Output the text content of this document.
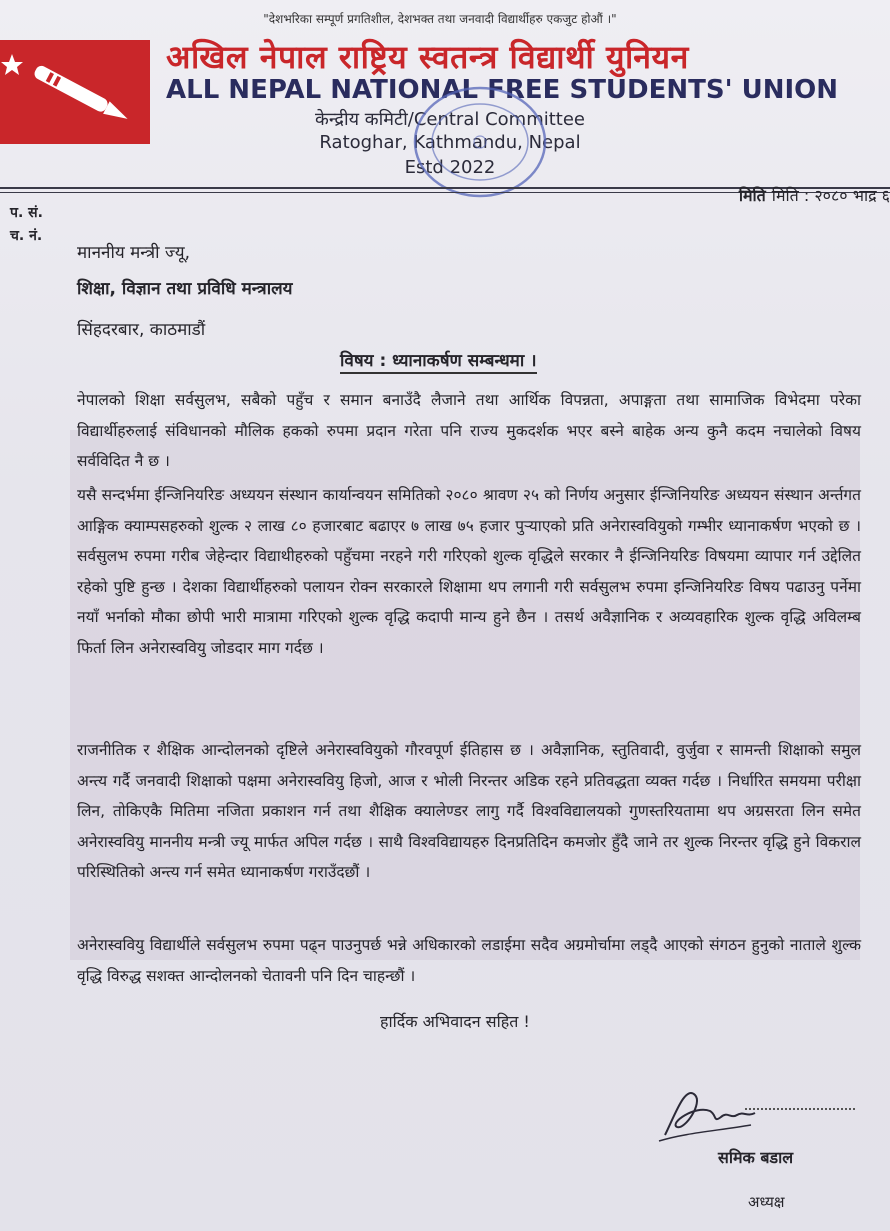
"देशभरिका सम्पूर्ण प्रगतिशील, देशभक्त तथा जनवादी विद्यार्थीहरु एकजुट होऔं ।"
अखिल नेपाल राष्ट्रिय स्वतन्त्र विद्यार्थी युनियन
ALL NEPAL NATIONAL FREE STUDENTS' UNION
केन्द्रीय कमिटी/Central Committee
Ratoghar, Kathmandu, Nepal
Estd 2022
मिति मिति : २०८० भाद्र ६
प. सं.
च. नं.
माननीय मन्त्री ज्यू,
शिक्षा, विज्ञान तथा प्रविधि मन्त्रालय
सिंहदरबार, काठमाडौं
विषय : ध्यानाकर्षण सम्बन्धमा ।
नेपालको शिक्षा सर्वसुलभ, सबैको पहुँच र समान बनाउँदै लैजाने तथा आर्थिक विपन्नता, अपाङ्गता तथा सामाजिक विभेदमा परेका विद्यार्थीहरुलाई संविधानको मौलिक हकको रुपमा प्रदान गरेता पनि राज्य मुकदर्शक भएर बस्ने बाहेक अन्य कुनै कदम नचालेको विषय सर्वविदित नै छ ।
यसै सन्दर्भमा ईन्जिनियरिङ अध्ययन संस्थान कार्यान्वयन समितिको २०८० श्रावण २५ को निर्णय अनुसार ईन्जिनियरिङ अध्ययन संस्थान अर्न्तगत आङ्गिक क्याम्पसहरुको शुल्क २ लाख ८० हजारबाट बढाएर ७ लाख ७५ हजार पुऱ्याएको प्रति अनेरास्ववियुको गम्भीर ध्यानाकर्षण भएको छ । सर्वसुलभ रुपमा गरीब जेहेन्दार विद्याथीहरुको पहुँचमा नरहने गरी गरिएको शुल्क वृद्धिले सरकार नै ईन्जिनियरिङ विषयमा व्यापार गर्न उद्देलित रहेको पुष्टि हुन्छ । देशका विद्यार्थीहरुको पलायन रोक्न सरकारले शिक्षामा थप लगानी गरी सर्वसुलभ रुपमा इन्जिनियरिङ विषय पढाउनु पर्नेमा नयाँ भर्नाको मौका छोपी भारी मात्रामा गरिएको शुल्क वृद्धि कदापी मान्य हुने छैन । तसर्थ अवैज्ञानिक र अव्यवहारिक शुल्क वृद्धि अविलम्ब फिर्ता लिन अनेरास्ववियु जोडदार माग गर्दछ ।
राजनीतिक र शैक्षिक आन्दोलनको दृष्टिले अनेरास्ववियुको गौरवपूर्ण ईतिहास छ । अवैज्ञानिक, स्तुतिवादी, वुर्जुवा र सामन्ती शिक्षाको समुल अन्त्य गर्दै जनवादी शिक्षाको पक्षमा अनेरास्ववियु हिजो, आज र भोली निरन्तर अडिक रहने प्रतिवद्धता व्यक्त गर्दछ । निर्धारित समयमा परीक्षा लिन, तोकिएकै मितिमा नजिता प्रकाशन गर्न तथा शैक्षिक क्यालेण्डर लागु गर्दै विश्वविद्यालयको गुणस्तरियतामा थप अग्रसरता लिन समेत अनेरास्ववियु माननीय मन्त्री ज्यू मार्फत अपिल गर्दछ । साथै विश्वविद्यायहरु दिनप्रतिदिन कमजोर हुँदै जाने तर शुल्क निरन्तर वृद्धि हुने विकराल परिस्थितिको अन्त्य गर्न समेत ध्यानाकर्षण गराउँदछौं ।
अनेरास्ववियु विद्यार्थीले सर्वसुलभ रुपमा पढ्न पाउनुपर्छ भन्ने अधिकारको लडाईमा सदैव अग्रमोर्चामा लड्दै आएको संगठन हुनुको नाताले शुल्क वृद्धि विरुद्ध सशक्त आन्दोलनको चेतावनी पनि दिन चाहन्छौं ।
हार्दिक अभिवादन सहित !
समिक बडाल
अध्यक्ष
